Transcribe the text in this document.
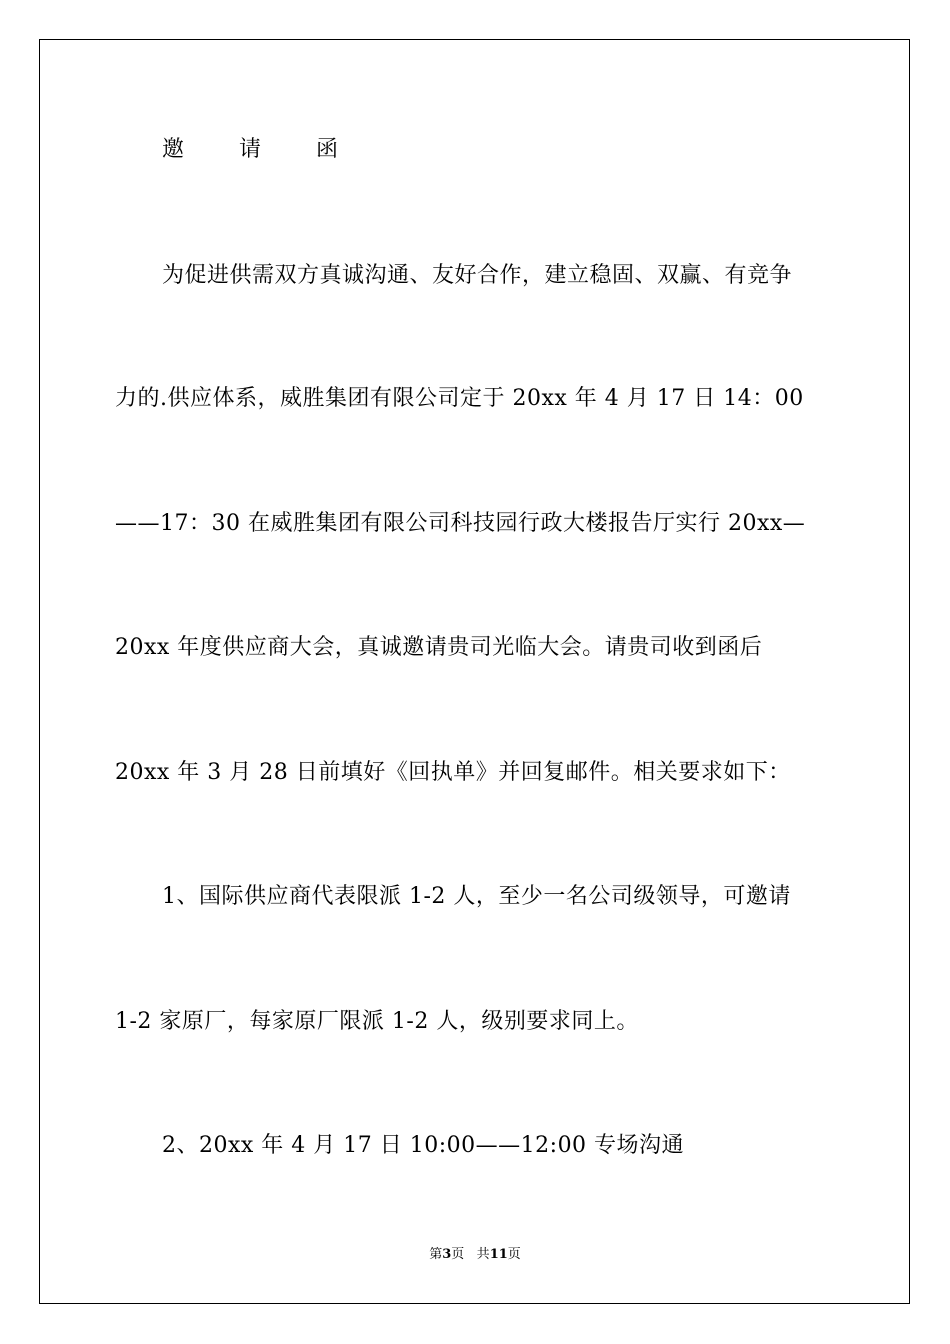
邀 请 函
为促进供需双方真诚沟通、友好合作，建立稳固、双赢、有竞争
力的.供应体系，威胜集团有限公司定于 20xx 年 4 月 17 日 14：00
——17：30 在威胜集团有限公司科技园行政大楼报告厅实行 20xx—
20xx 年度供应商大会，真诚邀请贵司光临大会。请贵司收到函后
20xx 年 3 月 28 日前填好《回执单》并回复邮件。相关要求如下：
1、国际供应商代表限派 1-2 人，至少一名公司级领导，可邀请
1-2 家原厂，每家原厂限派 1-2 人，级别要求同上。
2、20xx 年 4 月 17 日 10:00——12:00 专场沟通
第3页 共11页
